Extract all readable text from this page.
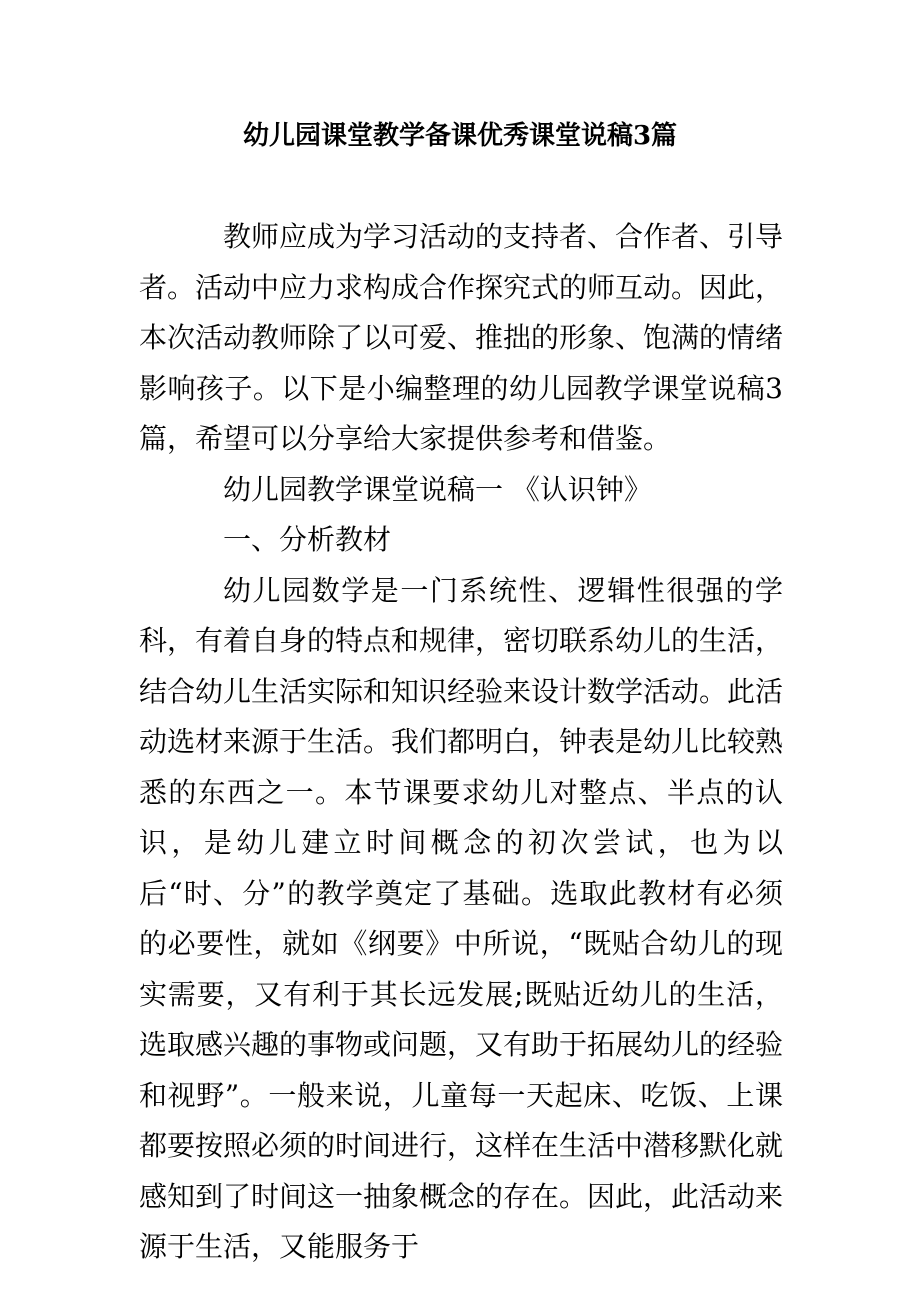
幼儿园课堂教学备课优秀课堂说稿3篇

教师应成为学习活动的支持者、合作者、引导者。活动中应力求构成合作探究式的师互动。因此，本次活动教师除了以可爱、推拙的形象、饱满的情绪影响孩子。以下是小编整理的幼儿园教学课堂说稿3篇，希望可以分享给大家提供参考和借鉴。

幼儿园教学课堂说稿一 《认识钟》

一、分析教材

幼儿园数学是一门系统性、逻辑性很强的学科，有着自身的特点和规律，密切联系幼儿的生活，结合幼儿生活实际和知识经验来设计数学活动。此活动选材来源于生活。我们都明白，钟表是幼儿比较熟悉的东西之一。本节课要求幼儿对整点、半点的认识，是幼儿建立时间概念的初次尝试，也为以后“时、分”的教学奠定了基础。选取此教材有必须的必要性，就如《纲要》中所说，“既贴合幼儿的现实需要，又有利于其长远发展;既贴近幼儿的生活，选取感兴趣的事物或问题，又有助于拓展幼儿的经验和视野”。一般来说，儿童每一天起床、吃饭、上课都要按照必须的时间进行，这样在生活中潜移默化就感知到了时间这一抽象概念的存在。因此，此活动来源于生活，又能服务于
